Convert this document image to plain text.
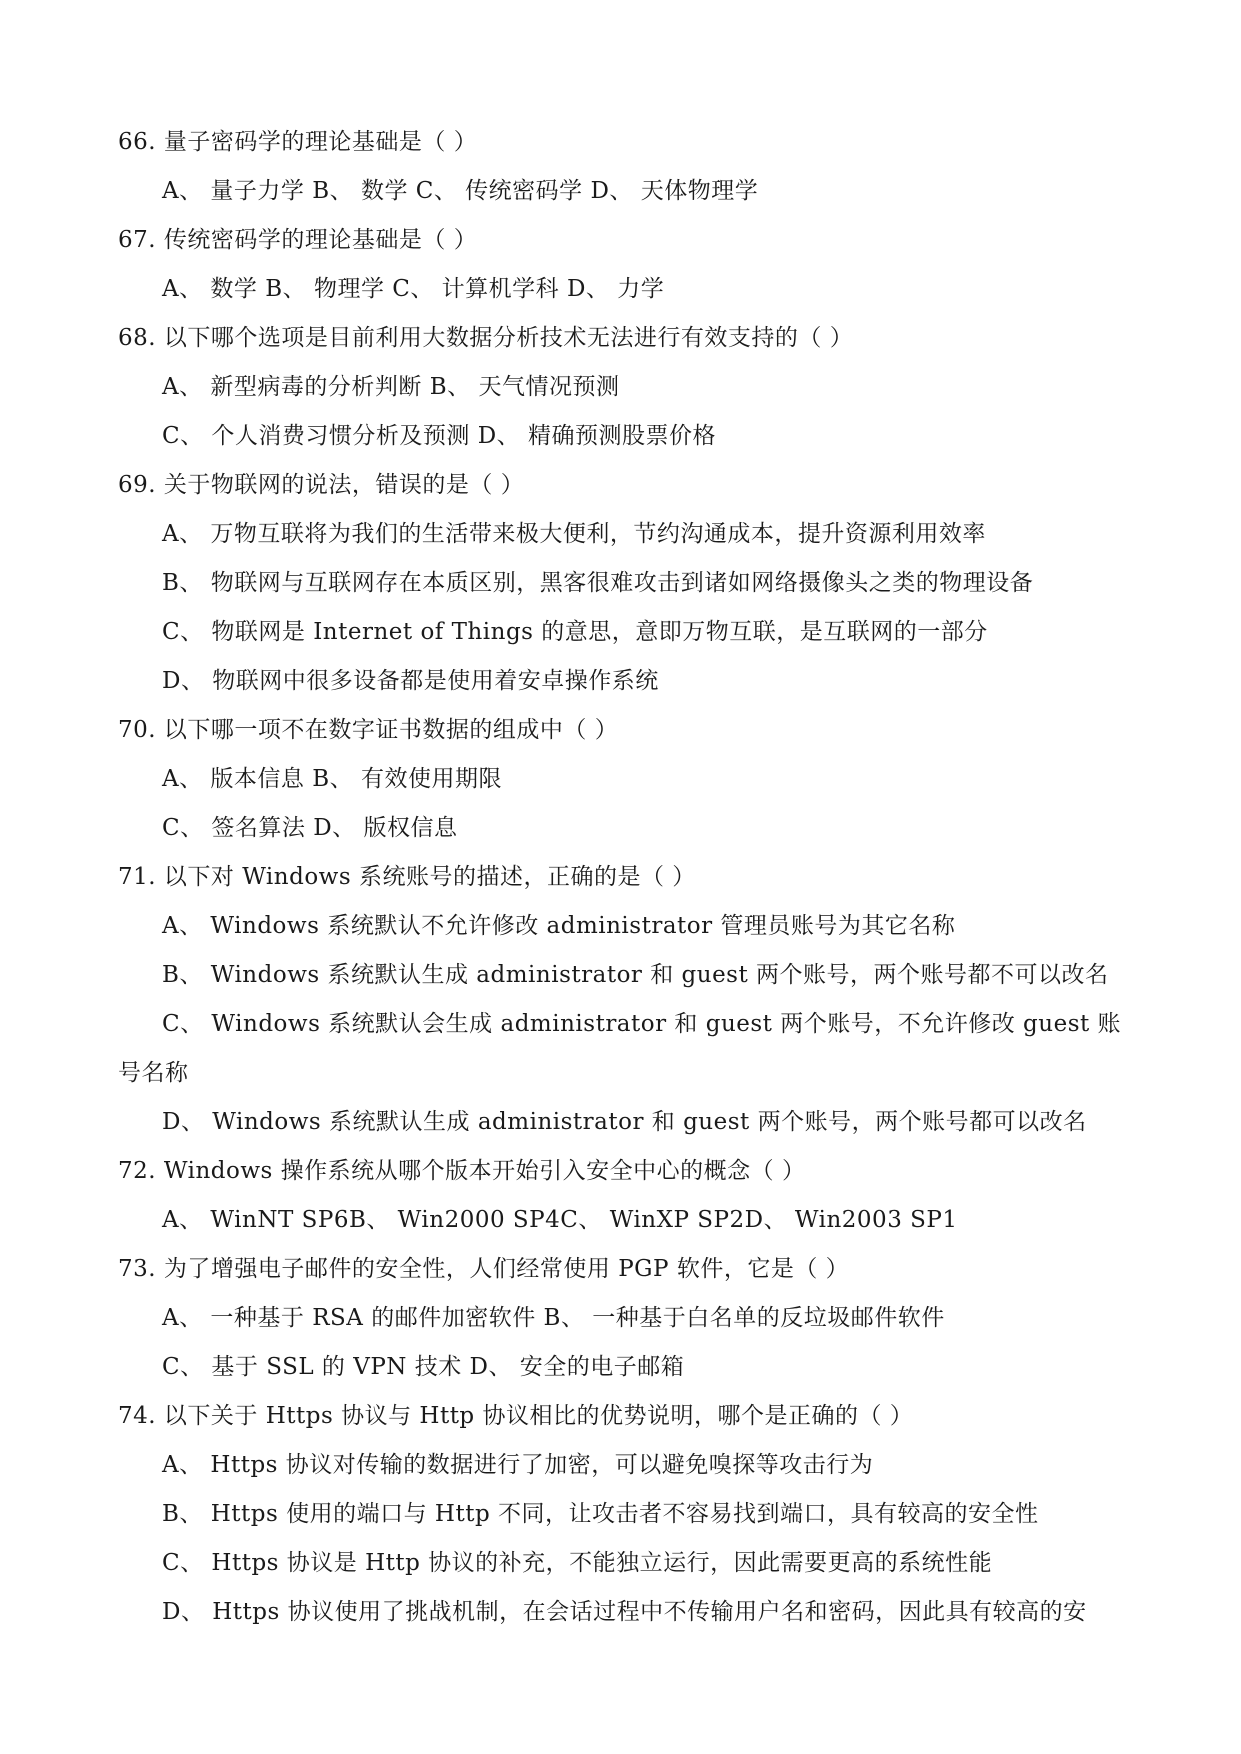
66. 量子密码学的理论基础是（ ）
A、 量子力学 B、 数学 C、 传统密码学 D、 天体物理学
67. 传统密码学的理论基础是（ ）
A、 数学 B、 物理学 C、 计算机学科 D、 力学
68. 以下哪个选项是目前利用大数据分析技术无法进行有效支持的（ ）
A、 新型病毒的分析判断 B、 天气情况预测
C、 个人消费习惯分析及预测 D、 精确预测股票价格
69. 关于物联网的说法，错误的是（ ）
A、 万物互联将为我们的生活带来极大便利，节约沟通成本，提升资源利用效率
B、 物联网与互联网存在本质区别，黑客很难攻击到诸如网络摄像头之类的物理设备
C、 物联网是 Internet of Things 的意思，意即万物互联，是互联网的一部分
D、 物联网中很多设备都是使用着安卓操作系统
70. 以下哪一项不在数字证书数据的组成中（ ）
A、 版本信息 B、 有效使用期限
C、 签名算法 D、 版权信息
71. 以下对 Windows 系统账号的描述，正确的是（ ）
A、 Windows 系统默认不允许修改 administrator 管理员账号为其它名称
B、 Windows 系统默认生成 administrator 和 guest 两个账号，两个账号都不可以改名
C、 Windows 系统默认会生成 administrator 和 guest 两个账号，不允许修改 guest 账
号名称
D、 Windows 系统默认生成 administrator 和 guest 两个账号，两个账号都可以改名
72. Windows 操作系统从哪个版本开始引入安全中心的概念（ ）
A、 WinNT SP6B、 Win2000 SP4C、 WinXP SP2D、 Win2003 SP1
73. 为了增强电子邮件的安全性，人们经常使用 PGP 软件，它是（ ）
A、 一种基于 RSA 的邮件加密软件 B、 一种基于白名单的反垃圾邮件软件
C、 基于 SSL 的 VPN 技术 D、 安全的电子邮箱
74. 以下关于 Https 协议与 Http 协议相比的优势说明，哪个是正确的（ ）
A、 Https 协议对传输的数据进行了加密，可以避免嗅探等攻击行为
B、 Https 使用的端口与 Http 不同，让攻击者不容易找到端口，具有较高的安全性
C、 Https 协议是 Http 协议的补充，不能独立运行，因此需要更高的系统性能
D、 Https 协议使用了挑战机制，在会话过程中不传输用户名和密码，因此具有较高的安
